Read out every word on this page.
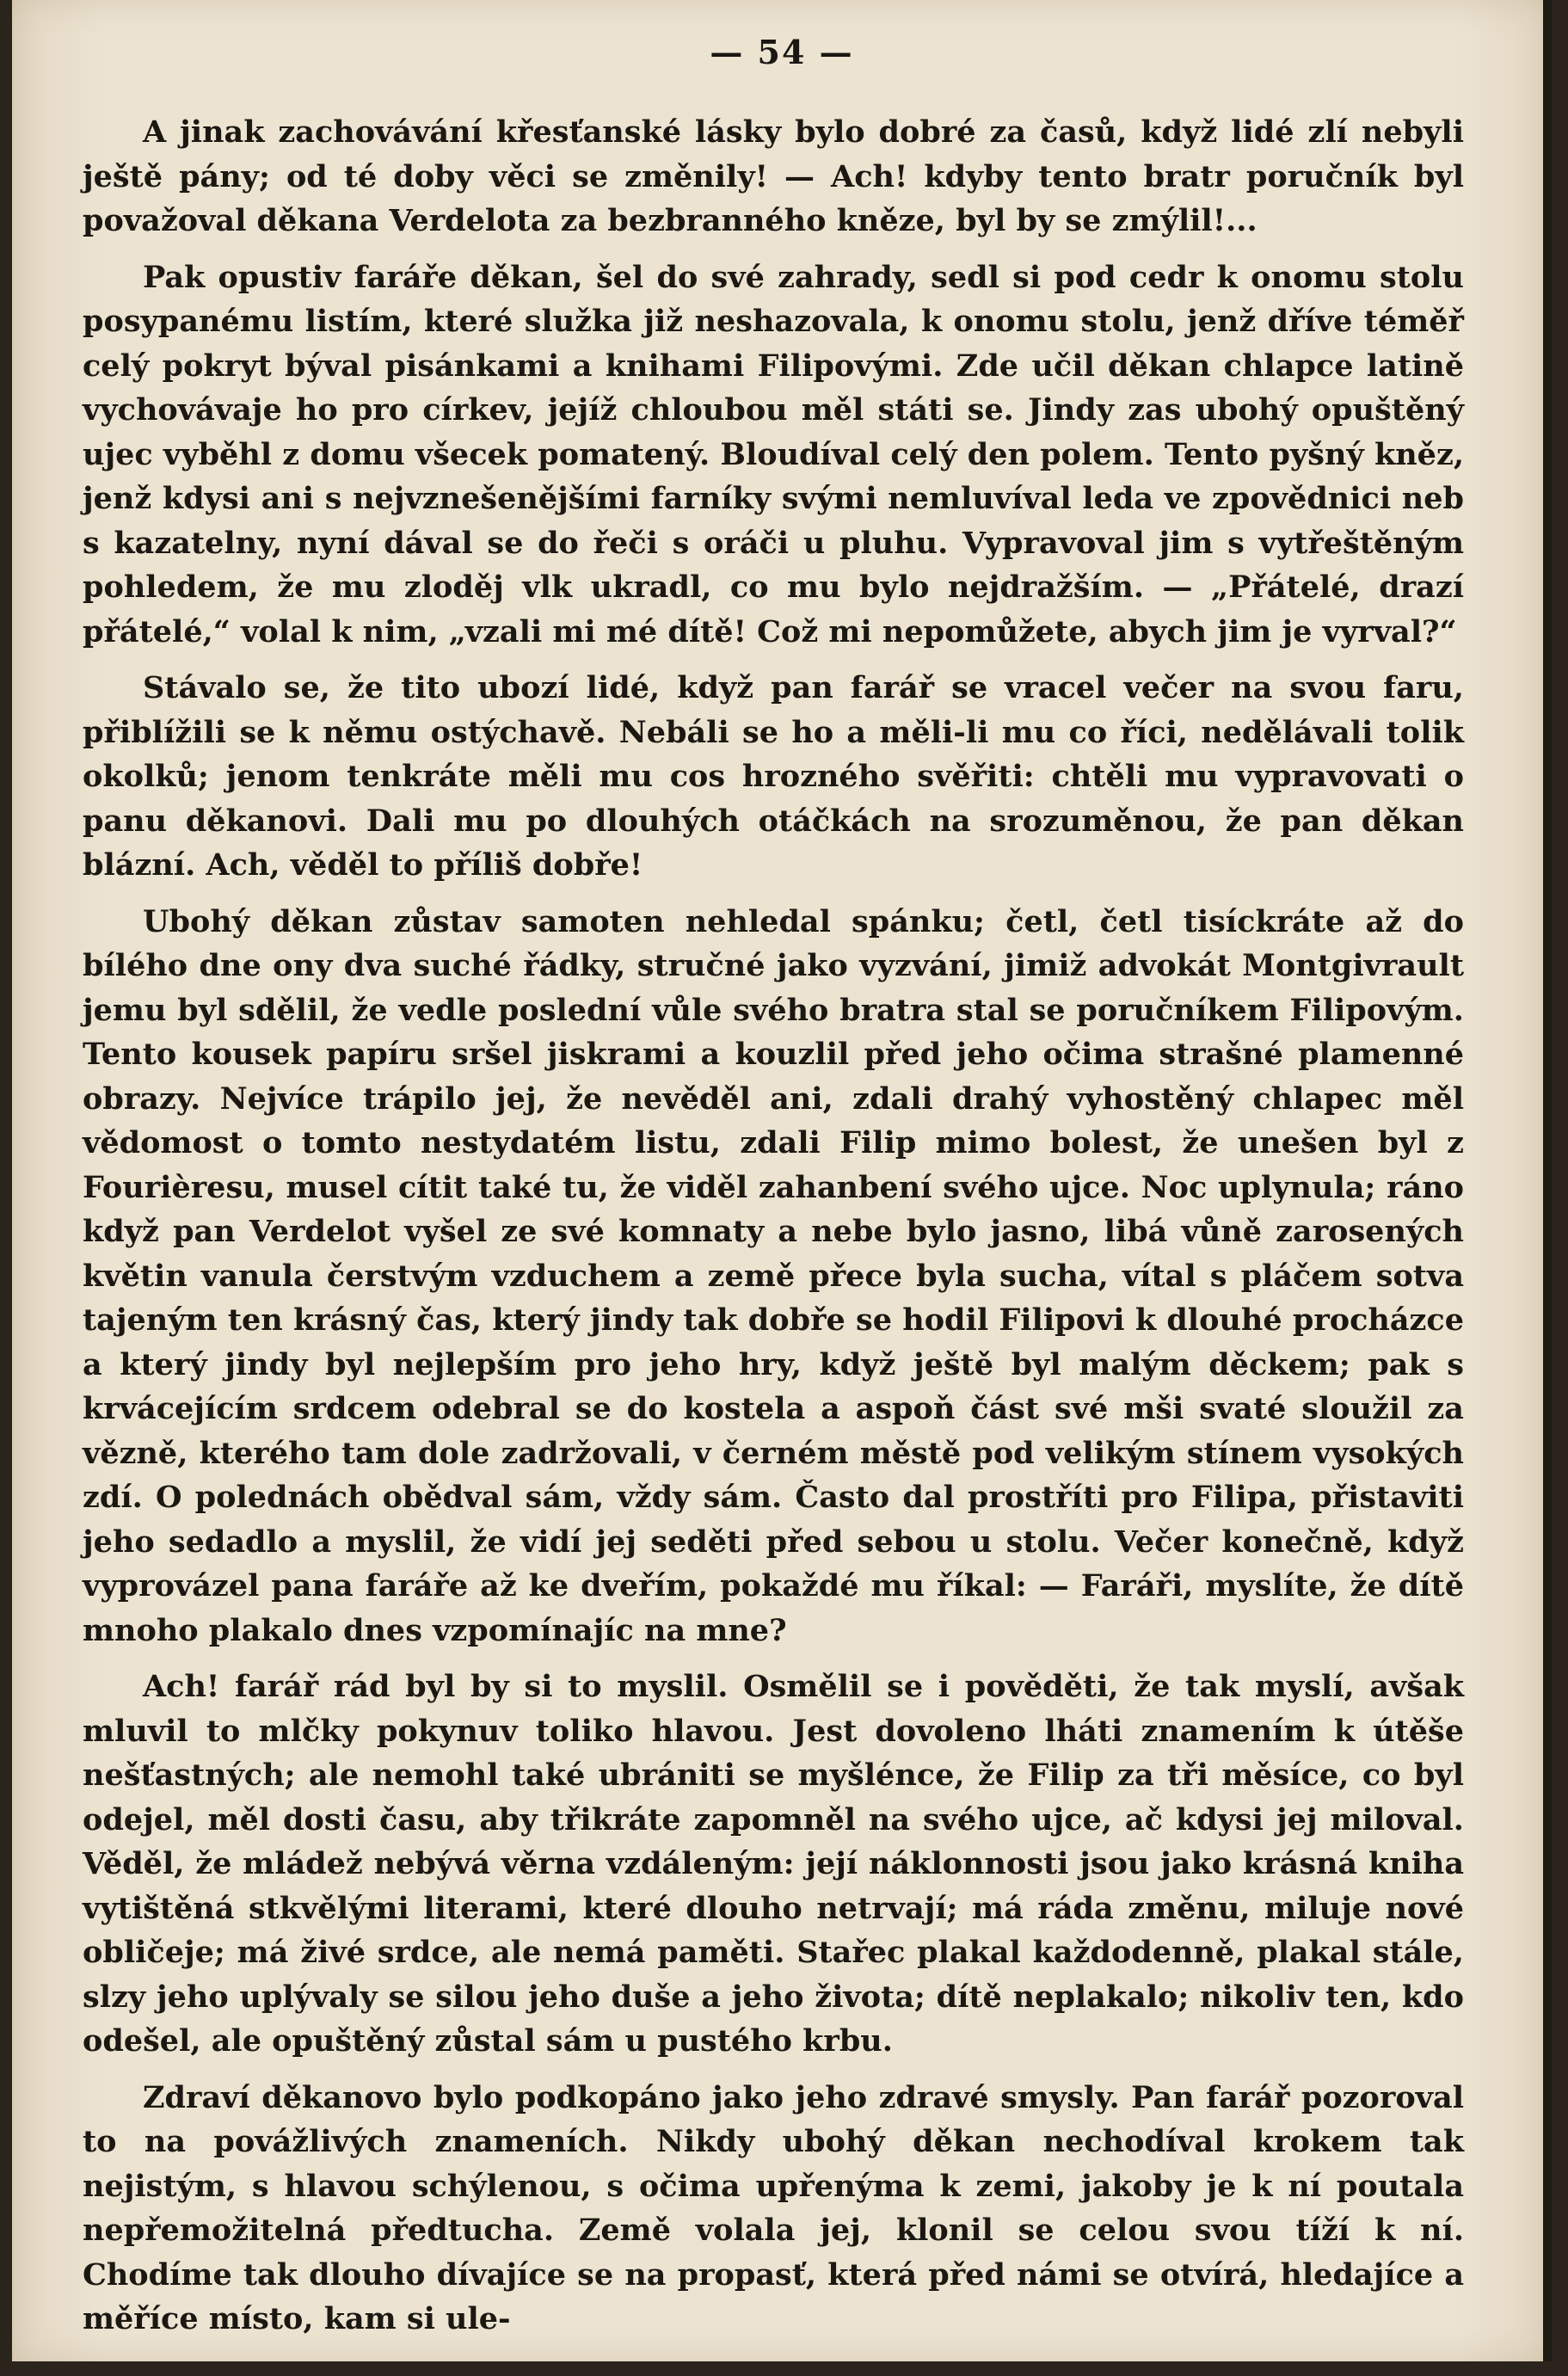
— 54 —

A jinak zachovávání křesťanské lásky bylo dobré za časů, když lidé zlí nebyli ještě pány; od té doby věci se změnily! — Ach! kdyby tento bratr poručník byl považoval děkana Verdelota za bezbranného kněze, byl by se zmýlil!...

Pak opustiv faráře děkan, šel do své zahrady, sedl si pod cedr k onomu stolu posypanému listím, které služka již neshazovala, k onomu stolu, jenž dříve téměř celý pokryt býval pisánkami a knihami Filipovými. Zde učil děkan chlapce latině vychovávaje ho pro církev, jejíž chloubou měl státi se. Jindy zas ubohý opuštěný ujec vyběhl z domu všecek pomatený. Bloudíval celý den polem. Tento pyšný kněz, jenž kdysi ani s nejvznešenějšími farníky svými nemluvíval leda ve zpovědnici neb s kazatelny, nyní dával se do řeči s oráči u pluhu. Vypravoval jim s vytřeštěným pohledem, že mu zloděj vlk ukradl, co mu bylo nejdražším. — „Přátelé, drazí přátelé,“ volal k nim, „vzali mi mé dítě! Což mi nepomůžete, abych jim je vyrval?“

Stávalo se, že tito ubozí lidé, když pan farář se vracel večer na svou faru, přiblížili se k němu ostýchavě. Nebáli se ho a měli-li mu co říci, nedělávali tolik okolků; jenom tenkráte měli mu cos hrozného svěřiti: chtěli mu vypravovati o panu děkanovi. Dali mu po dlouhých otáčkách na srozuměnou, že pan děkan blázní. Ach, věděl to příliš dobře!

Ubohý děkan zůstav samoten nehledal spánku; četl, četl tisíckráte až do bílého dne ony dva suché řádky, stručné jako vyzvání, jimiž advokát Montgivrault jemu byl sdělil, že vedle poslední vůle svého bratra stal se poručníkem Filipovým. Tento kousek papíru sršel jiskrami a kouzlil před jeho očima strašné plamenné obrazy. Nejvíce trápilo jej, že nevěděl ani, zdali drahý vyhostěný chlapec měl vědomost o tomto nestydatém listu, zdali Filip mimo bolest, že unešen byl z Fourièresu, musel cítit také tu, že viděl zahanbení svého ujce. Noc uplynula; ráno když pan Verdelot vyšel ze své komnaty a nebe bylo jasno, libá vůně zarosených květin vanula čerstvým vzduchem a země přece byla sucha, vítal s pláčem sotva tajeným ten krásný čas, který jindy tak dobře se hodil Filipovi k dlouhé procházce a který jindy byl nejlepším pro jeho hry, když ještě byl malým děckem; pak s krvácejícím srdcem odebral se do kostela a aspoň část své mši svaté sloužil za vězně, kterého tam dole zadržovali, v černém městě pod velikým stínem vysokých zdí. O polednách obědval sám, vždy sám. Často dal prostříti pro Filipa, přistaviti jeho sedadlo a myslil, že vidí jej seděti před sebou u stolu. Večer konečně, když vyprovázel pana faráře až ke dveřím, pokaždé mu říkal: — Faráři, myslíte, že dítě mnoho plakalo dnes vzpomínajíc na mne?

Ach! farář rád byl by si to myslil. Osmělil se i pověděti, že tak myslí, avšak mluvil to mlčky pokynuv toliko hlavou. Jest dovoleno lháti znamením k útěše nešťastných; ale nemohl také ubrániti se myšlénce, že Filip za tři měsíce, co byl odejel, měl dosti času, aby třikráte zapomněl na svého ujce, ač kdysi jej miloval. Věděl, že mládež nebývá věrna vzdáleným: její náklonnosti jsou jako krásná kniha vytištěná stkvělými literami, které dlouho netrvají; má ráda změnu, miluje nové obličeje; má živé srdce, ale nemá paměti. Stařec plakal každodenně, plakal stále, slzy jeho uplývaly se silou jeho duše a jeho života; dítě neplakalo; nikoliv ten, kdo odešel, ale opuštěný zůstal sám u pustého krbu.

Zdraví děkanovo bylo podkopáno jako jeho zdravé smysly. Pan farář pozoroval to na povážlivých znameních. Nikdy ubohý děkan nechodíval krokem tak nejistým, s hlavou schýlenou, s očima upřenýma k zemi, jakoby je k ní poutala nepřemožitelná předtucha. Země volala jej, klonil se celou svou tíží k ní. Chodíme tak dlouho dívajíce se na propasť, která před námi se otvírá, hledajíce a měříce místo, kam si ule-
